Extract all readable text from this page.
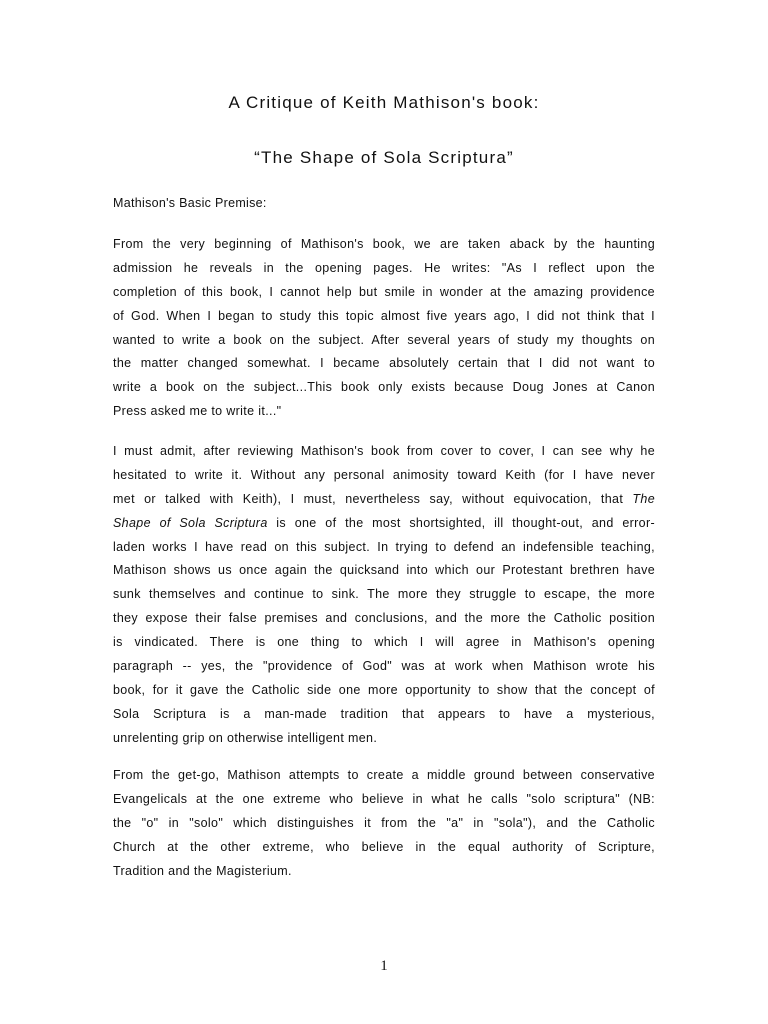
A Critique of Keith Mathison's book:
“The Shape of Sola Scriptura”
Mathison's Basic Premise:
From the very beginning of Mathison's book, we are taken aback by the haunting
admission he reveals in the opening pages. He writes: "As I reflect upon the
completion of this book, I cannot help but smile in wonder at the amazing providence
of God. When I began to study this topic almost five years ago, I did not think that I
wanted to write a book on the subject. After several years of study my thoughts on
the matter changed somewhat. I became absolutely certain that I did not want to
write a book on the subject...This book only exists because Doug Jones at Canon
Press asked me to write it..."
I must admit, after reviewing Mathison's book from cover to cover, I can see why he
hesitated to write it. Without any personal animosity toward Keith (for I have never
met or talked with Keith), I must, nevertheless say, without equivocation, that The
Shape of Sola Scriptura is one of the most shortsighted, ill thought-out, and error-
laden works I have read on this subject. In trying to defend an indefensible teaching,
Mathison shows us once again the quicksand into which our Protestant brethren have
sunk themselves and continue to sink. The more they struggle to escape, the more
they expose their false premises and conclusions, and the more the Catholic position
is vindicated. There is one thing to which I will agree in Mathison's opening
paragraph -- yes, the "providence of God" was at work when Mathison wrote his
book, for it gave the Catholic side one more opportunity to show that the concept of
Sola Scriptura is a man-made tradition that appears to have a mysterious,
unrelenting grip on otherwise intelligent men.
From the get-go, Mathison attempts to create a middle ground between conservative
Evangelicals at the one extreme who believe in what he calls "solo scriptura" (NB:
the "o" in "solo" which distinguishes it from the "a" in "sola"), and the Catholic
Church at the other extreme, who believe in the equal authority of Scripture,
Tradition and the Magisterium.
1
